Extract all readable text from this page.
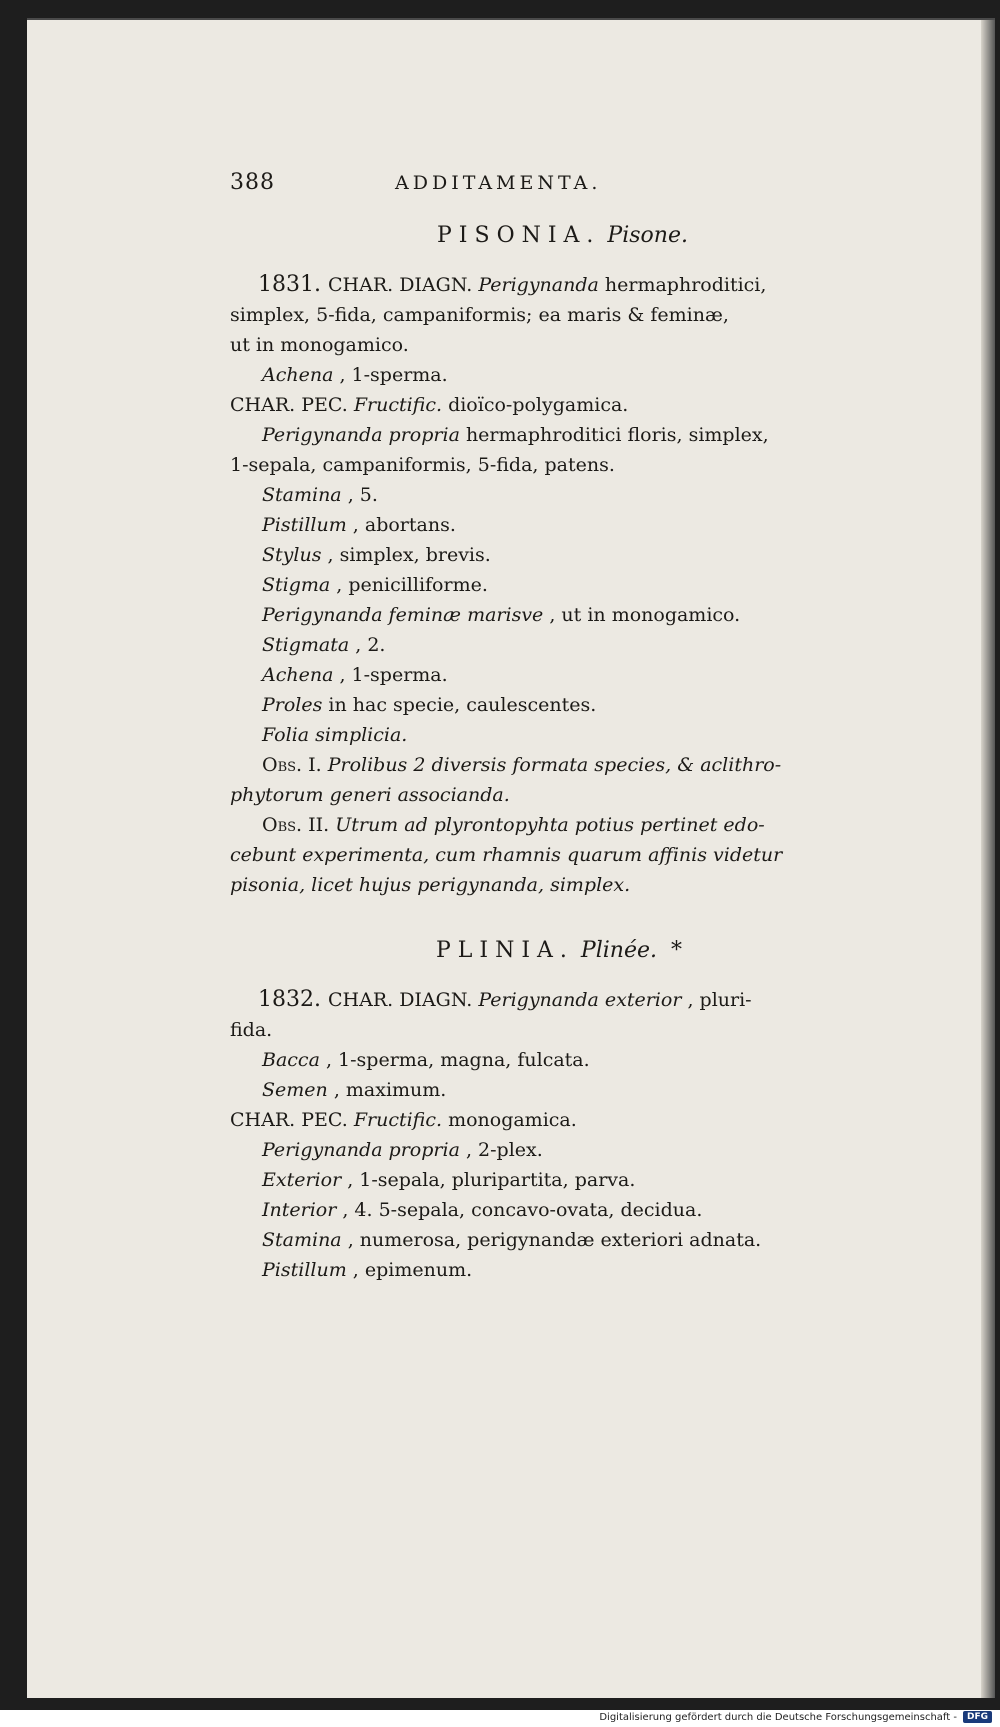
388	ADDITAMENTA.
PISONIA. Pisone.
1831. CHAR. DIAGN. Perigynanda hermaphroditici,
simplex, 5-fida, campaniformis; ea maris & feminæ,
ut in monogamico.
Achena , 1-sperma.
CHAR. PEC. Fructific. dioïco-polygamica.
Perigynanda propria hermaphroditici floris, simplex,
1-sepala, campaniformis, 5-fida, patens.
Stamina , 5.
Pistillum , abortans.
Stylus , simplex, brevis.
Stigma , penicilliforme.
Perigynanda feminæ marisve , ut in monogamico.
Stigmata , 2.
Achena , 1-sperma.
Proles in hac specie, caulescentes.
Folia simplicia.
Obs. I. Prolibus 2 diversis formata species, & aclithro-
phytorum generi associanda.
Obs. II. Utrum ad plyrontopyhta potius pertinet edo-
cebunt experimenta, cum rhamnis quarum affinis videtur
pisonia, licet hujus perigynanda, simplex.
PLINIA. Plinée. *
1832. CHAR. DIAGN. Perigynanda exterior , pluri-
fida.
Bacca , 1-sperma, magna, fulcata.
Semen , maximum.
CHAR. PEC. Fructific. monogamica.
Perigynanda propria , 2-plex.
Exterior , 1-sepala, pluripartita, parva.
Interior , 4. 5-sepala, concavo-ovata, decidua.
Stamina , numerosa, perigynandæ exteriori adnata.
Pistillum , epimenum.
Digitalisierung gefördert durch die Deutsche Forschungsgemeinschaft -	DFG
